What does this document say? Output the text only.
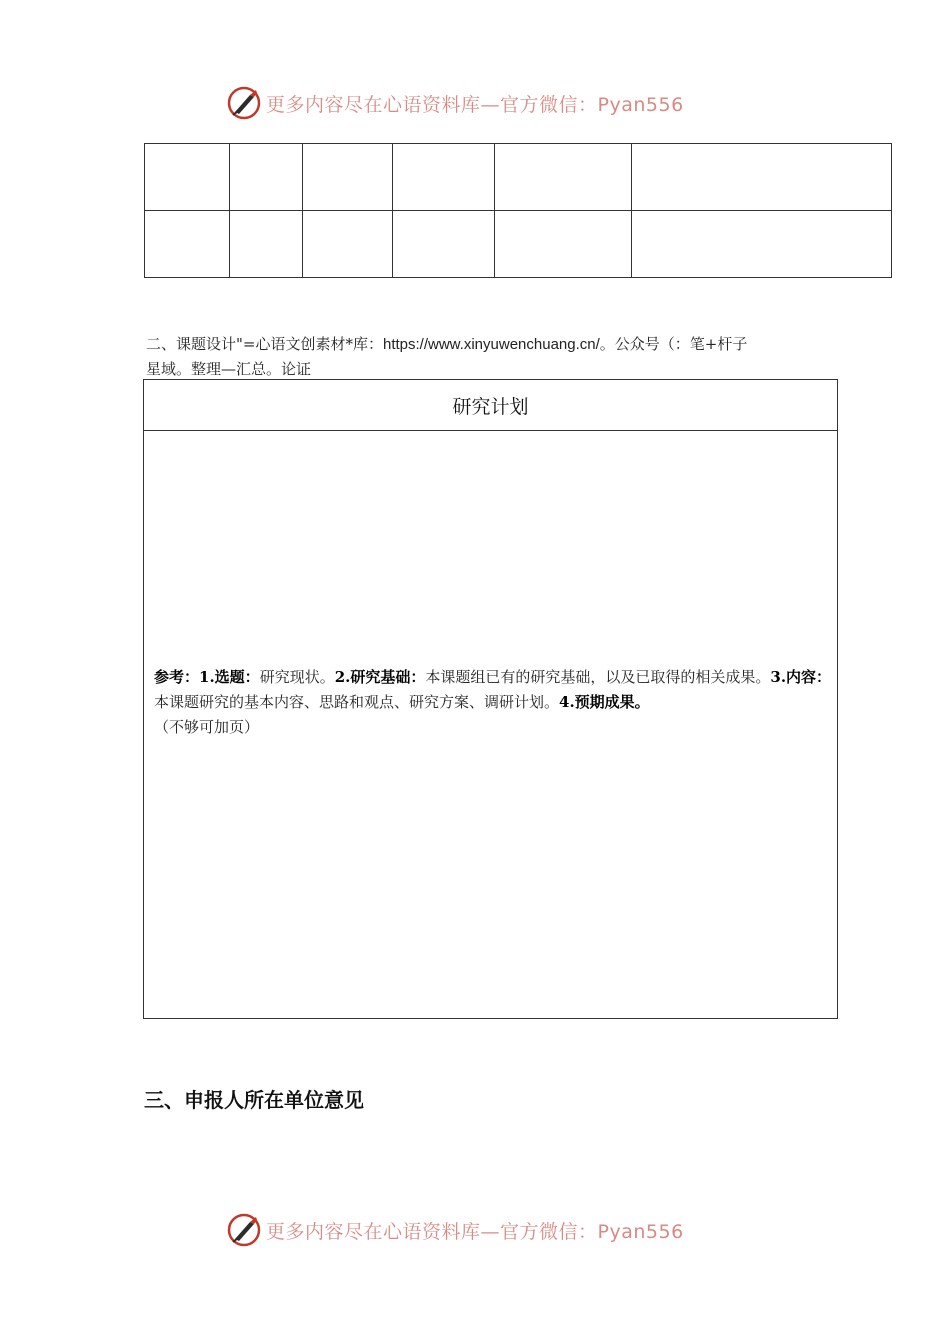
更多内容尽在心语资料库—官方微信：Pyan556

二、课题设计"=心语文创素材*库：https://www.xinyuwenchuang.cn/。公众号（：笔+杆子
星域。整理—汇总。论证
研究计划
参考：1.选题：研究现状。2.研究基础：本课题组已有的研究基础，以及已取得的相关成果。3.内容：本课题研究的基本内容、思路和观点、研究方案、调研计划。4.预期成果。
（不够可加页）
三、申报人所在单位意见
更多内容尽在心语资料库—官方微信：Pyan556
